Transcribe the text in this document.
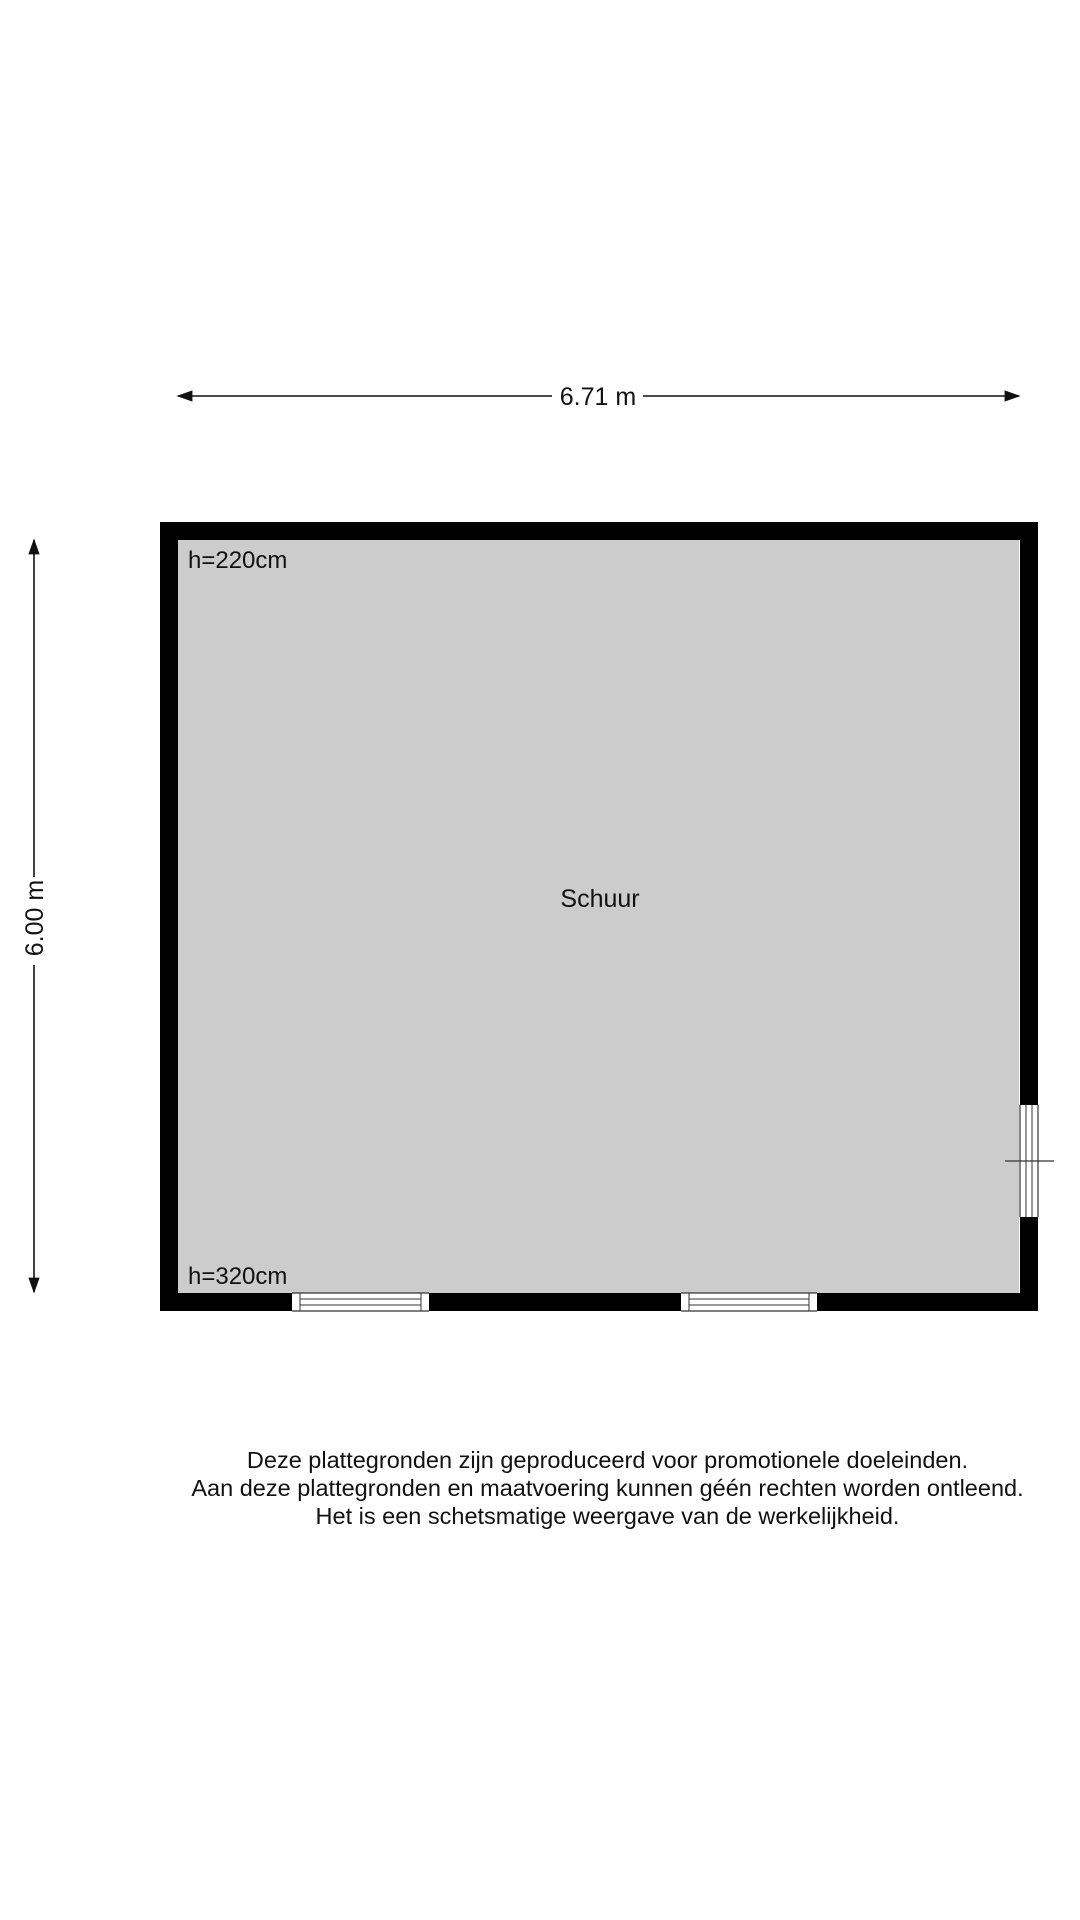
6.71 m
6.00 m
h=220cm
Schuur
h=320cm
Deze plattegronden zijn geproduceerd voor promotionele doeleinden.
Aan deze plattegronden en maatvoering kunnen géén rechten worden ontleend.
Het is een schetsmatige weergave van de werkelijkheid.
